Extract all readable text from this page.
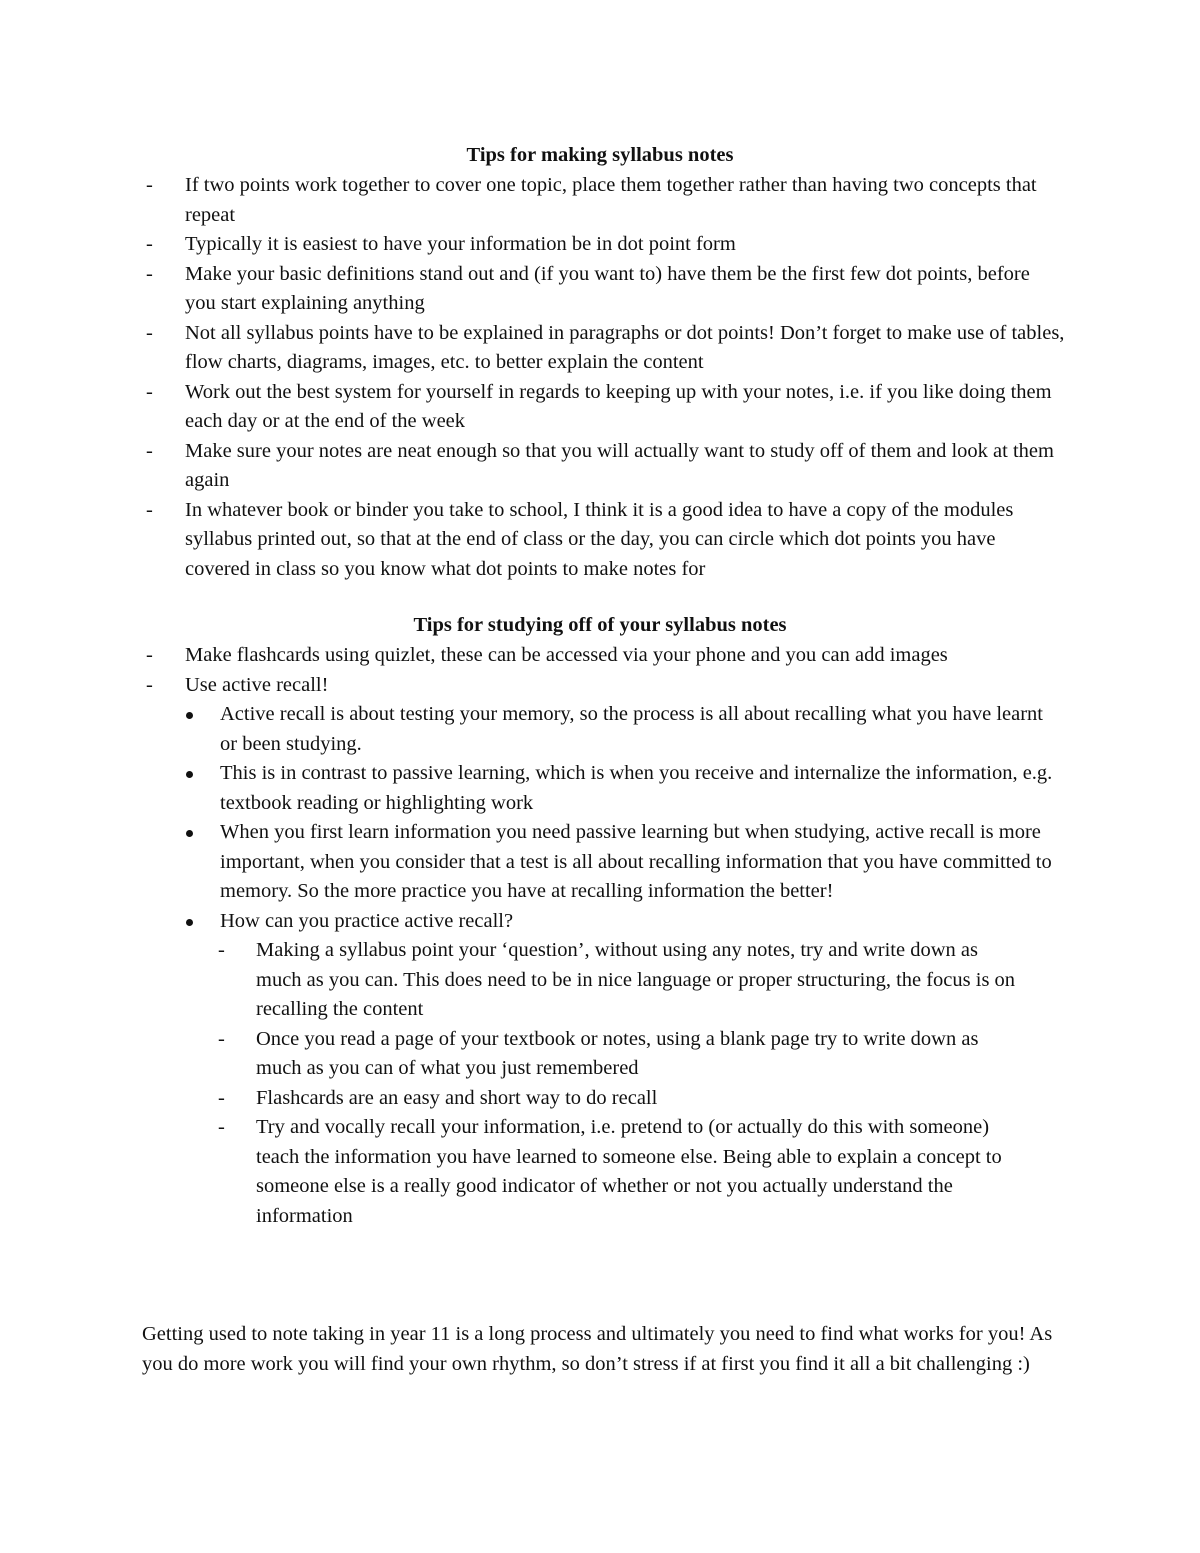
Tips for making syllabus notes
- If two points work together to cover one topic, place them together rather than having two concepts that repeat
- Typically it is easiest to have your information be in dot point form
- Make your basic definitions stand out and (if you want to) have them be the first few dot points, before you start explaining anything
- Not all syllabus points have to be explained in paragraphs or dot points! Don’t forget to make use of tables, flow charts, diagrams, images, etc. to better explain the content
- Work out the best system for yourself in regards to keeping up with your notes, i.e. if you like doing them each day or at the end of the week
- Make sure your notes are neat enough so that you will actually want to study off of them and look at them again
- In whatever book or binder you take to school, I think it is a good idea to have a copy of the modules syllabus printed out, so that at the end of class or the day, you can circle which dot points you have covered in class so you know what dot points to make notes for
Tips for studying off of your syllabus notes
- Make flashcards using quizlet, these can be accessed via your phone and you can add images
- Use active recall!
Active recall is about testing your memory, so the process is all about recalling what you have learnt or been studying.
This is in contrast to passive learning, which is when you receive and internalize the information, e.g. textbook reading or highlighting work
When you first learn information you need passive learning but when studying, active recall is more important, when you consider that a test is all about recalling information that you have committed to memory. So the more practice you have at recalling information the better!
How can you practice active recall?
- Making a syllabus point your ‘question’, without using any notes, try and write down as much as you can. This does need to be in nice language or proper structuring, the focus is on recalling the content
- Once you read a page of your textbook or notes, using a blank page try to write down as much as you can of what you just remembered
- Flashcards are an easy and short way to do recall
- Try and vocally recall your information, i.e. pretend to (or actually do this with someone) teach the information you have learned to someone else. Being able to explain a concept to someone else is a really good indicator of whether or not you actually understand the information

Getting used to note taking in year 11 is a long process and ultimately you need to find what works for you! As you do more work you will find your own rhythm, so don’t stress if at first you find it all a bit challenging :)
